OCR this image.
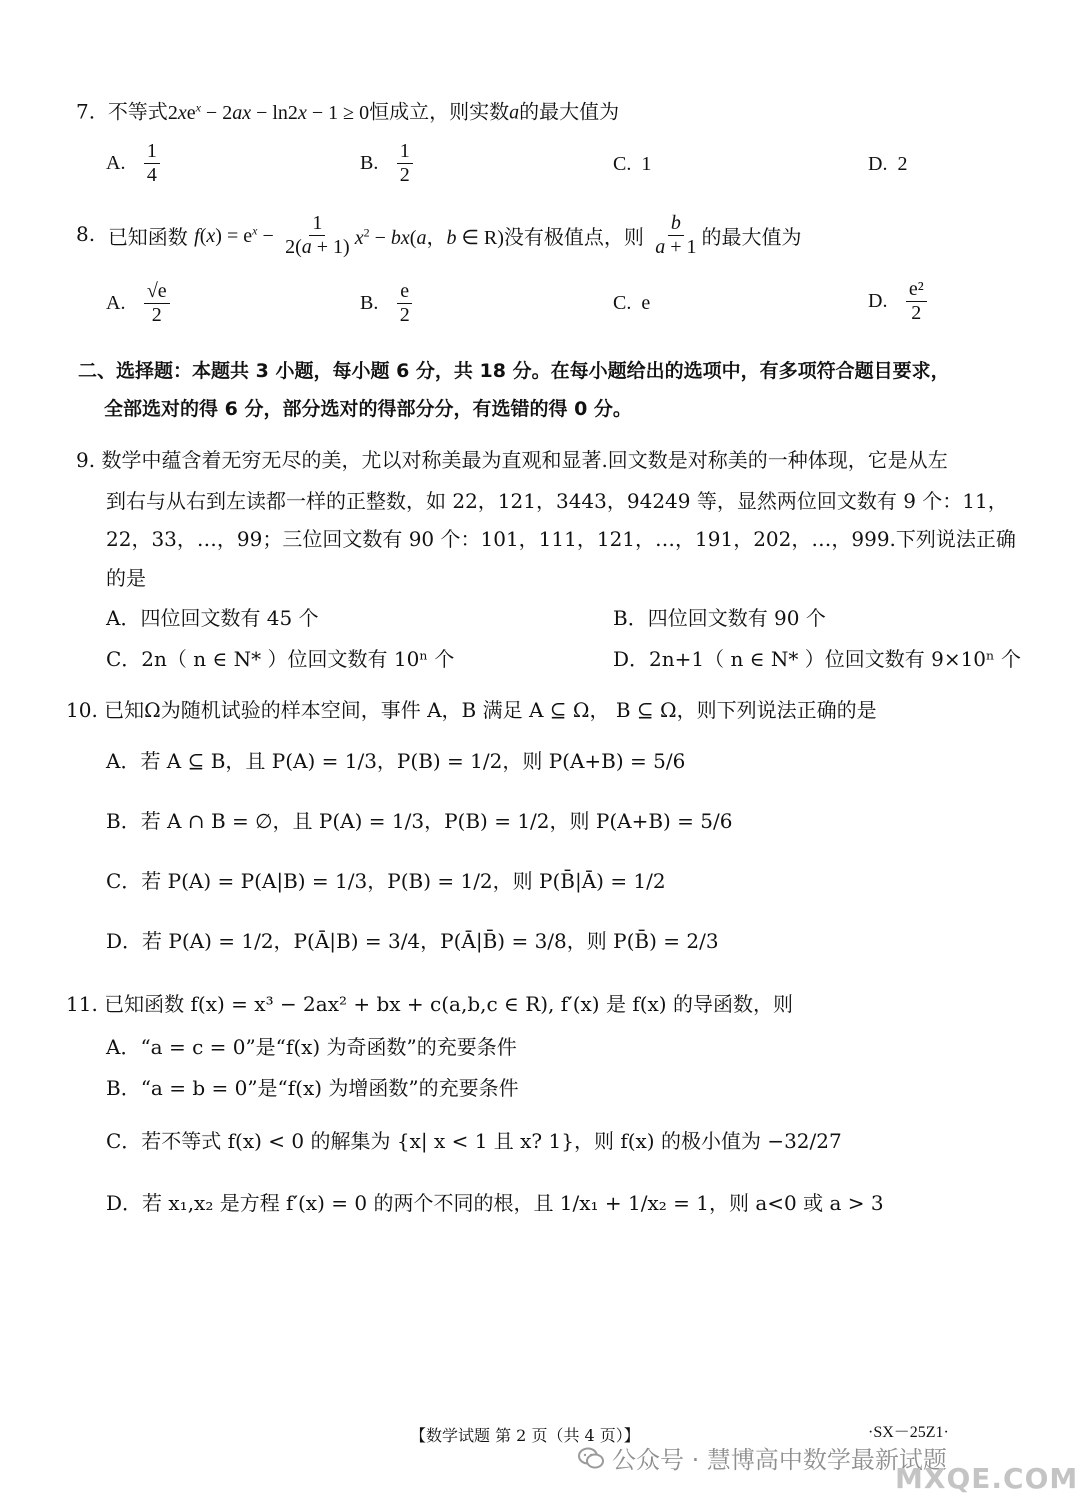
7. 不等式$2xe^x - 2ax - \ln 2x - 1 \ge 0$恒成立，则实数a的最大值为
A. $\frac{1}{4}$	B. $\frac{1}{2}$	C. 1	D. 2
8. 已知函数 $f(x) = e^x - \frac{1}{2(a + 1)} x^2 - bx(a$，b ∈ R)没有极值点，则 $\frac{b}{a + 1}$ 的最大值为
A. $\frac{√e}{2}$	B. $\frac{e}{2}$	C. e	D. $\frac{\text{e²}}{2}$
二、选择题：本题共 3 小题，每小题 6 分，共 18 分。在每小题给出的选项中，有多项符合题目要求，
全部选对的得 6 分，部分选对的得部分分，有选错的得 0 分。
9. 数学中蕴含着无穷无尽的美，尤以对称美最为直观和显著.回文数是对称美的一种体现，它是从左
到右与从右到左读都一样的正整数，如 22，121，3443，94249 等，显然两位回文数有 9 个：11，
22，33，…，99；三位回文数有 90 个：101，111，121，…，191，202，…，999.下列说法正确
的是
A．四位回文数有 45 个	B．四位回文数有 90 个
C．2n（ n ∈ N* ）位回文数有 10ⁿ 个	D．2n+1（ n ∈ N* ）位回文数有 9×10ⁿ 个
10. 已知Ω为随机试验的样本空间，事件 A，B 满足 A ⊆ Ω， B ⊆ Ω，则下列说法正确的是
A．若 A ⊆ B，且 P(A) = 1/3，P(B) = 1/2，则 P(A+B) = 5/6
B．若 A ∩ B = ∅，且 P(A) = 1/3，P(B) = 1/2，则 P(A+B) = 5/6
C．若 P(A) = P(A|B) = 1/3，P(B) = 1/2，则 P(B̄|Ā) = 1/2
D．若 P(A) = 1/2，P(Ā|B) = 3/4，P(Ā|B̄) = 3/8，则 P(B̄) = 2/3
11. 已知函数 f(x) = x³ − 2ax² + bx + c(a,b,c ∈ R), f′(x) 是 f(x) 的导函数，则
A．“a = c = 0”是“f(x) 为奇函数”的充要条件
B．“a = b = 0”是“f(x) 为增函数”的充要条件
C．若不等式 f(x) < 0 的解集为 {x| x < 1 且 x? 1}，则 f(x) 的极小值为 −32/27
D．若 x₁,x₂ 是方程 f′(x) = 0 的两个不同的根，且 1/x₁ + 1/x₂ = 1，则 a<0 或 a > 3
【数学试题 第 2 页（共 4 页）】	·SX－25Z1·
公众号 · 慧博高中数学最新试题
MXQE.COM
